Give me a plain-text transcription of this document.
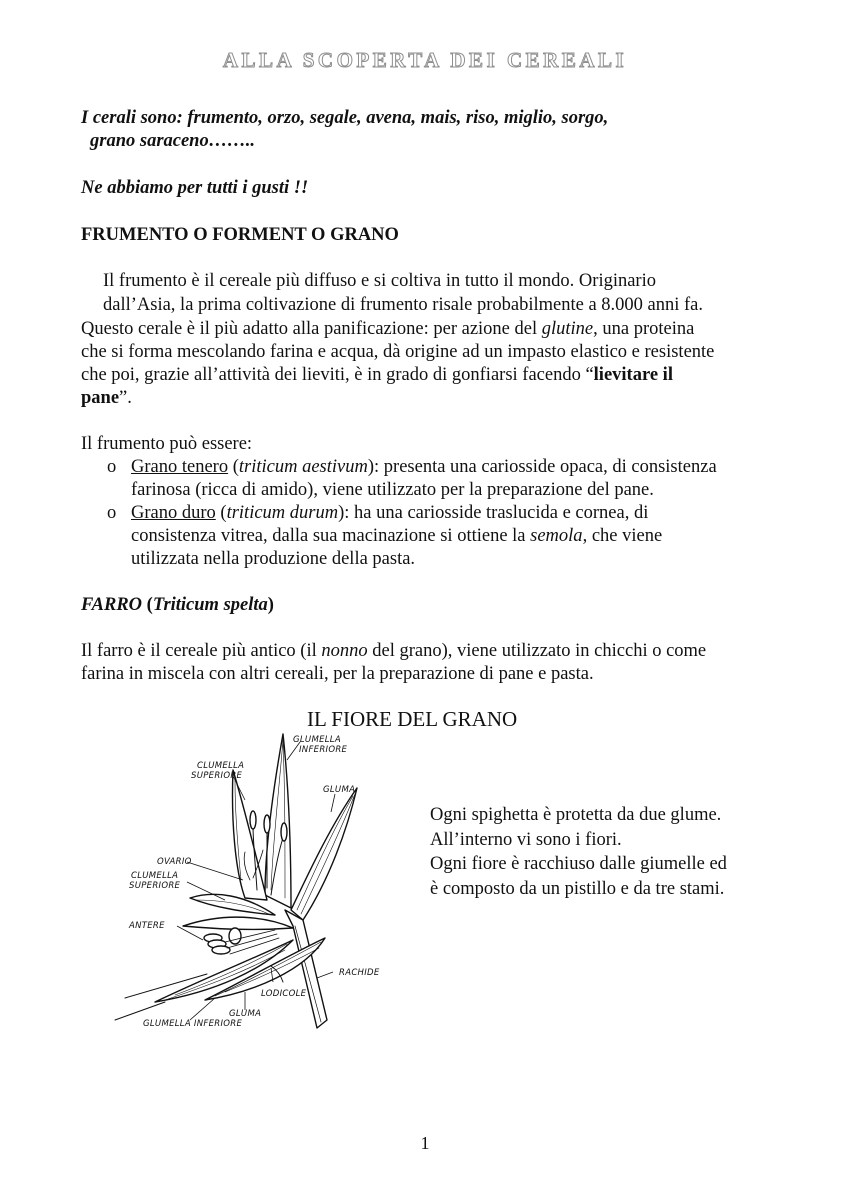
ALLA SCOPERTA DEI CEREALI

I cerali sono: frumento, orzo, segale, avena, mais, riso, miglio, sorgo,

grano saraceno……..

Ne abbiamo per tutti i gusti !!

FRUMENTO O FORMENT O GRANO

Il frumento è il cereale più diffuso e si coltiva in tutto il mondo. Originario

dall’Asia, la prima coltivazione di frumento risale probabilmente a 8.000 anni fa.

Questo cerale è il più adatto alla panificazione: per azione del glutine, una proteina

che si forma mescolando farina e acqua, dà origine ad un impasto elastico e resistente

che poi, grazie all’attività dei lieviti, è in grado di gonfiarsi facendo “lievitare il

pane”.

Il frumento può essere:

o Grano tenero (triticum aestivum): presenta una cariosside opaca, di consistenza

farinosa (ricca di amido), viene utilizzato per la preparazione del pane.

o Grano duro (triticum durum): ha una cariosside traslucida e cornea, di

consistenza vitrea, dalla sua macinazione si ottiene la semola, che viene

utilizzata nella produzione della pasta.

FARRO (Triticum spelta)

Il farro è il cereale più antico (il nonno del grano), viene utilizzato in chicchi o come

farina in miscela con altri cereali, per la preparazione di pane e pasta.

IL FIORE DEL GRANO
GLUMELLA
INFERIORE
CLUMELLA
SUPERIORE
GLUMA
OVARIO
CLUMELLA
SUPERIORE
ANTERE
RACHIDE
LODICOLE
GLUMA
GLUMELLA INFERIORE
Ogni spighetta è protetta da due glume.
All’interno vi sono i fiori.
Ogni fiore è racchiuso dalle giumelle ed
è composto da un pistillo e da tre stami.
1
